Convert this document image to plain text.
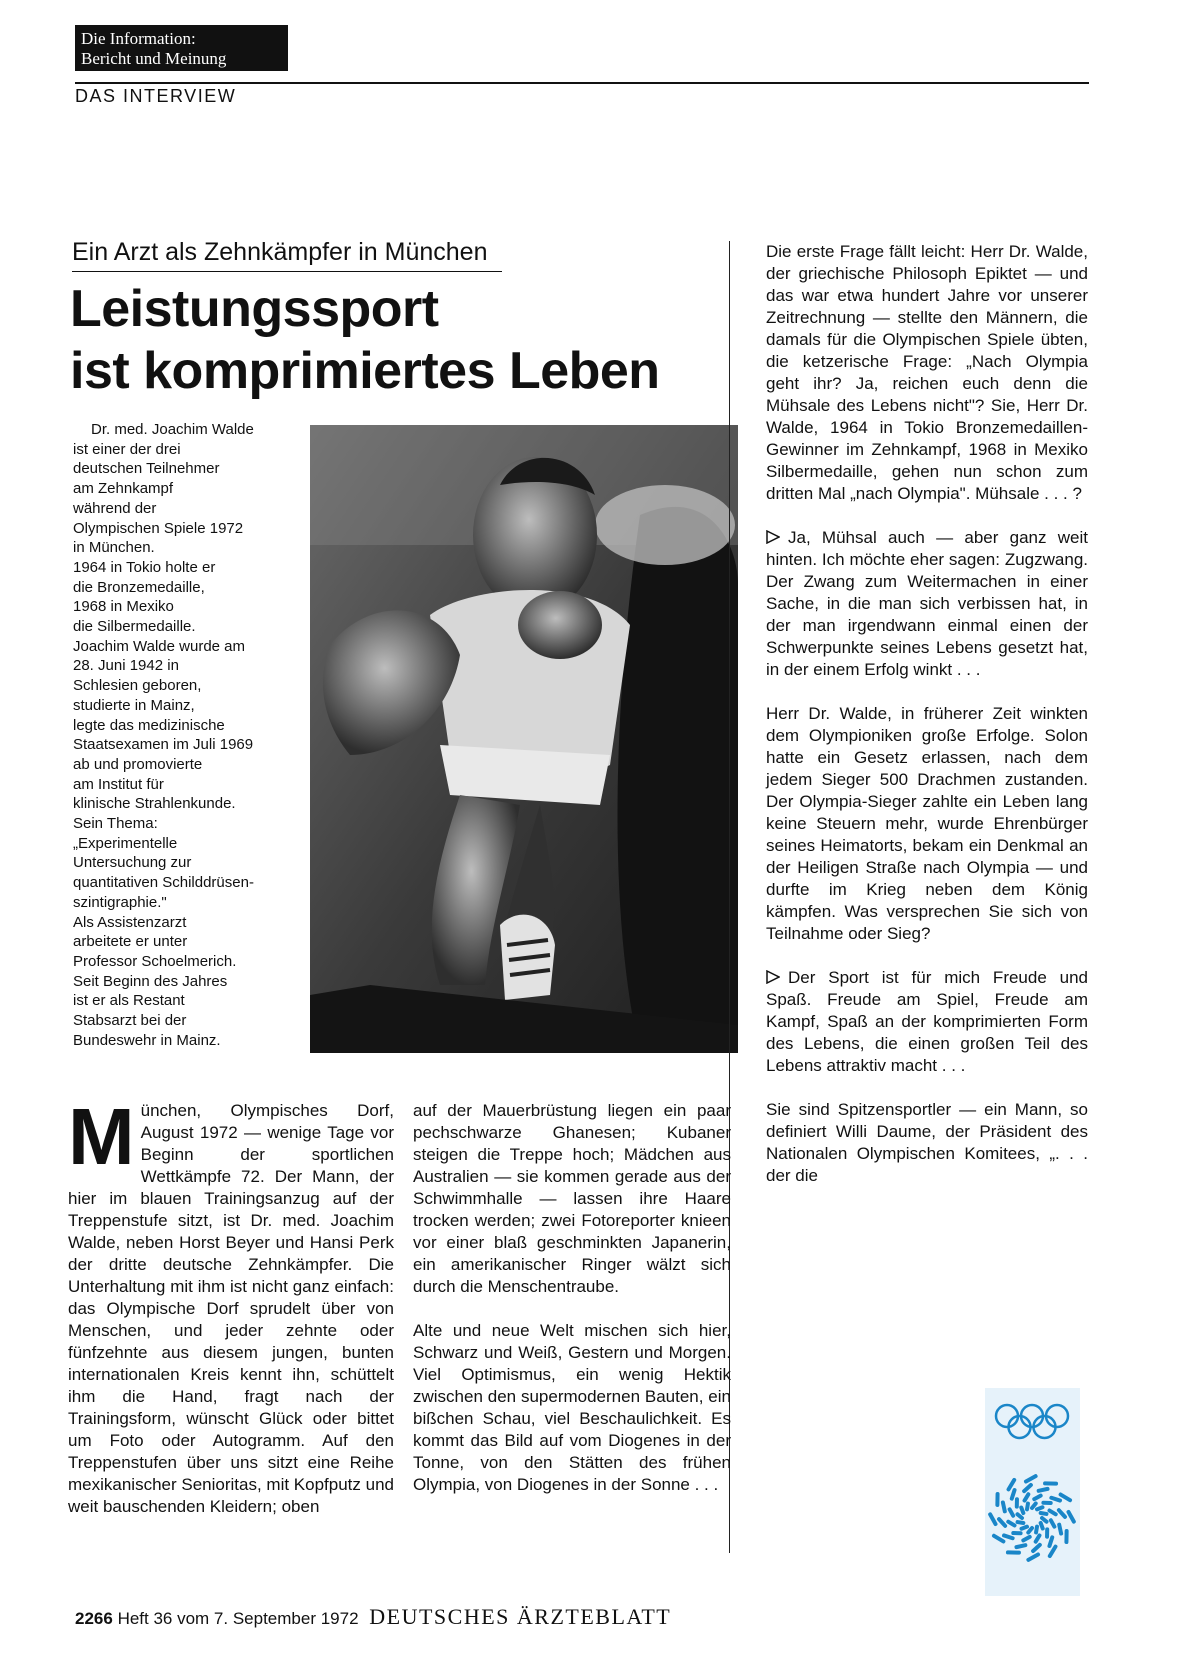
Die Information:
Bericht und Meinung
DAS INTERVIEW
Ein Arzt als Zehnkämpfer in München
Leistungssport
ist komprimiertes Leben
Dr. med. Joachim Walde
ist einer der drei
deutschen Teilnehmer
am Zehnkampf
während der
Olympischen Spiele 1972
in München.
1964 in Tokio holte er
die Bronzemedaille,
1968 in Mexiko
die Silbermedaille.
Joachim Walde wurde am
28. Juni 1942 in
Schlesien geboren,
studierte in Mainz,
legte das medizinische
Staatsexamen im Juli 1969
ab und promovierte
am Institut für
klinische Strahlenkunde.
Sein Thema:
„Experimentelle
Untersuchung zur
quantitativen Schilddrüsen-
szintigraphie."
Als Assistenzarzt
arbeitete er unter
Professor Schoelmerich.
Seit Beginn des Jahres
ist er als Restant
Stabsarzt bei der
Bundeswehr in Mainz.

München, Olympisches Dorf, August 1972 — wenige Tage vor Beginn der sportlichen Wettkämpfe 72. Der Mann, der hier im blauen Trainingsanzug auf der Treppenstufe sitzt, ist Dr. med. Joachim Walde, neben Horst Beyer und Hansi Perk der dritte deutsche Zehnkämpfer. Die Unterhaltung mit ihm ist nicht ganz einfach: das Olympische Dorf sprudelt über von Menschen, und jeder zehnte oder fünfzehnte aus diesem jungen, bunten internationalen Kreis kennt ihn, schüttelt ihm die Hand, fragt nach der Trainingsform, wünscht Glück oder bittet um Foto oder Autogramm. Auf den Treppenstufen über uns sitzt eine Reihe mexikanischer Senioritas, mit Kopfputz und weit bauschenden Kleidern; oben

auf der Mauerbrüstung liegen ein paar pechschwarze Ghanesen; Kubaner steigen die Treppe hoch; Mädchen aus Australien — sie kommen gerade aus der Schwimmhalle — lassen ihre Haare trocken werden; zwei Fotoreporter knieen vor einer blaß geschminkten Japanerin, ein amerikanischer Ringer wälzt sich durch die Menschentraube.

Alte und neue Welt mischen sich hier, Schwarz und Weiß, Gestern und Morgen. Viel Optimismus, ein wenig Hektik zwischen den supermodernen Bauten, ein bißchen Schau, viel Beschaulichkeit. Es kommt das Bild auf vom Diogenes in der Tonne, von den Stätten des frühen Olympia, von Diogenes in der Sonne . . .

Die erste Frage fällt leicht: Herr Dr. Walde, der griechische Philosoph Epiktet — und das war etwa hundert Jahre vor unserer Zeitrechnung — stellte den Männern, die damals für die Olympischen Spiele übten, die ketzerische Frage: „Nach Olympia geht ihr? Ja, reichen euch denn die Mühsale des Lebens nicht"? Sie, Herr Dr. Walde, 1964 in Tokio Bronzemedaillen-Gewinner im Zehnkampf, 1968 in Mexiko Silbermedaille, gehen nun schon zum dritten Mal „nach Olympia". Mühsale . . . ?

Ja, Mühsal auch — aber ganz weit hinten. Ich möchte eher sagen: Zugzwang. Der Zwang zum Weitermachen in einer Sache, in die man sich verbissen hat, in der man irgendwann einmal einen der Schwerpunkte seines Lebens gesetzt hat, in der einem Erfolg winkt . . .

Herr Dr. Walde, in früherer Zeit winkten dem Olympioniken große Erfolge. Solon hatte ein Gesetz erlassen, nach dem jedem Sieger 500 Drachmen zustanden. Der Olympia-Sieger zahlte ein Leben lang keine Steuern mehr, wurde Ehrenbürger seines Heimatorts, bekam ein Denkmal an der Heiligen Straße nach Olympia — und durfte im Krieg neben dem König kämpfen. Was versprechen Sie sich von Teilnahme oder Sieg?

Der Sport ist für mich Freude und Spaß. Freude am Spiel, Freude am Kampf, Spaß an der komprimierten Form des Lebens, die einen großen Teil des Lebens attraktiv macht . . .

Sie sind Spitzensportler — ein Mann, so definiert Willi Daume, der Präsident des Nationalen Olympischen Komitees, „. . . der die

2266 Heft 36 vom 7. September 1972 DEUTSCHES ÄRZTEBLATT
